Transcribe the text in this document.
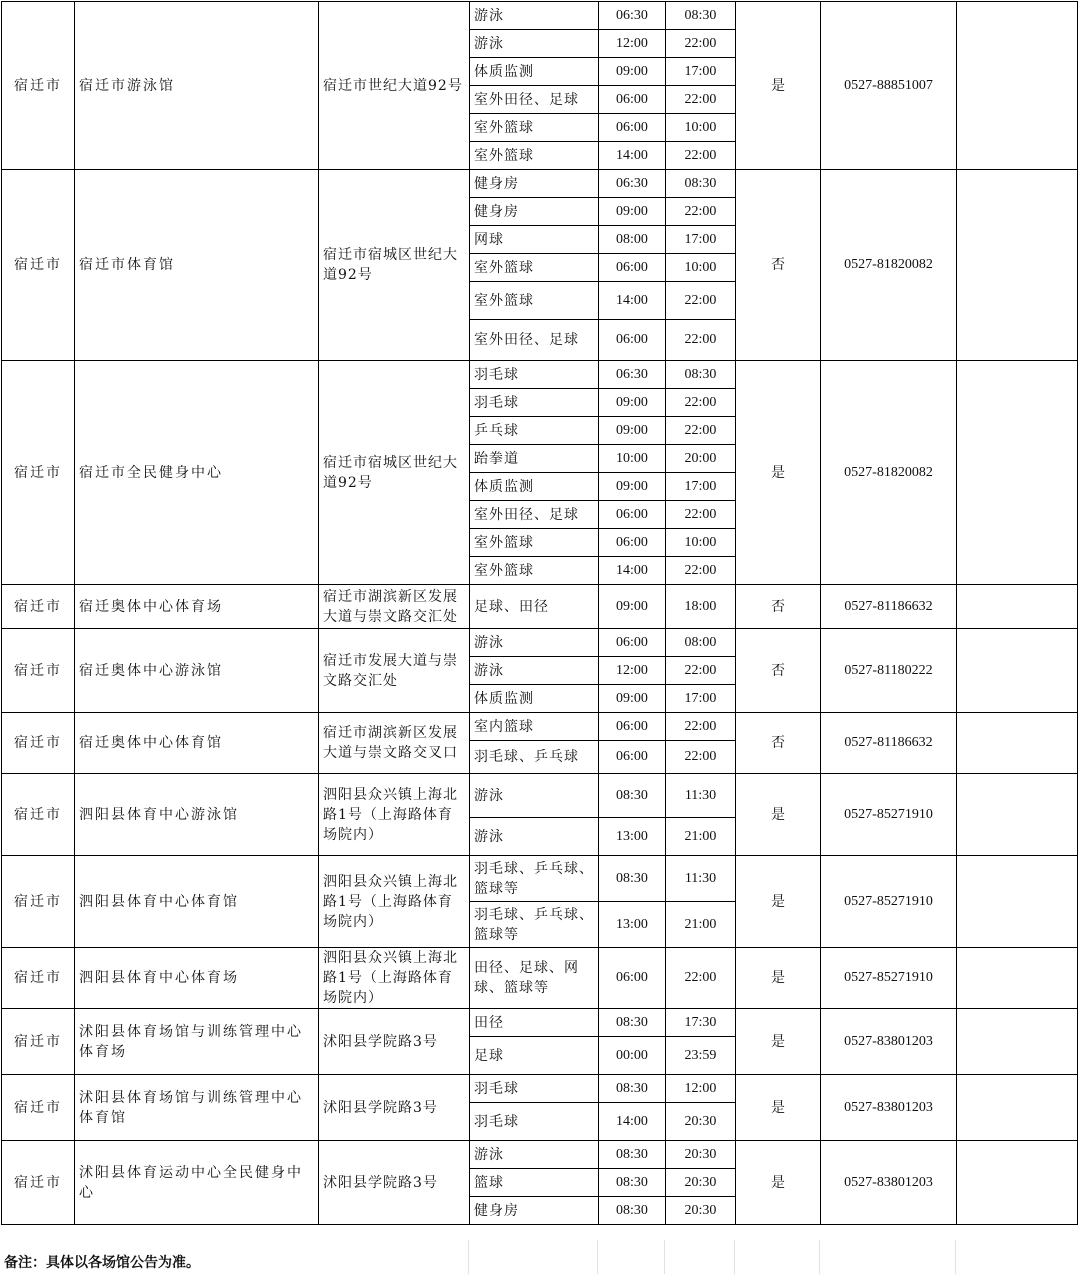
宿迁市	宿迁市游泳馆	宿迁市世纪大道92号	游泳	06:30	08:30	是	0527-88851007	
			游泳	12:00	22:00			
			体质监测	09:00	17:00			
			室外田径、足球	06:00	22:00			
			室外篮球	06:00	10:00			
			室外篮球	14:00	22:00			
宿迁市	宿迁市体育馆	宿迁市宿城区世纪大道92号	健身房	06:30	08:30	否	0527-81820082	
			健身房	09:00	22:00			
			网球	08:00	17:00			
			室外篮球	06:00	10:00			
			室外篮球	14:00	22:00			
			室外田径、足球	06:00	22:00			
宿迁市	宿迁市全民健身中心	宿迁市宿城区世纪大道92号	羽毛球	06:30	08:30	是	0527-81820082	
			羽毛球	09:00	22:00			
			乒乓球	09:00	22:00			
			跆拳道	10:00	20:00			
			体质监测	09:00	17:00			
			室外田径、足球	06:00	22:00			
			室外篮球	06:00	10:00			
			室外篮球	14:00	22:00			
宿迁市	宿迁奥体中心体育场	宿迁市湖滨新区发展大道与崇文路交汇处	足球、田径	09:00	18:00	否	0527-81186632	
宿迁市	宿迁奥体中心游泳馆	宿迁市发展大道与崇文路交汇处	游泳	06:00	08:00	否	0527-81180222	
			游泳	12:00	22:00			
			体质监测	09:00	17:00			
宿迁市	宿迁奥体中心体育馆	宿迁市湖滨新区发展大道与崇文路交叉口	室内篮球	06:00	22:00	否	0527-81186632	
			羽毛球、乒乓球	06:00	22:00			
宿迁市	泗阳县体育中心游泳馆	泗阳县众兴镇上海北路1号（上海路体育场院内）	游泳	08:30	11:30	是	0527-85271910	
			游泳	13:00	21:00			
宿迁市	泗阳县体育中心体育馆	泗阳县众兴镇上海北路1号（上海路体育场院内）	羽毛球、乒乓球、篮球等	08:30	11:30	是	0527-85271910	
			羽毛球、乒乓球、篮球等	13:00	21:00			
宿迁市	泗阳县体育中心体育场	泗阳县众兴镇上海北路1号（上海路体育场院内）	田径、足球、网球、篮球等	06:00	22:00	是	0527-85271910	
宿迁市	沭阳县体育场馆与训练管理中心体育场	沭阳县学院路3号	田径	08:30	17:30	是	0527-83801203	
			足球	00:00	23:59			
宿迁市	沭阳县体育场馆与训练管理中心体育馆	沭阳县学院路3号	羽毛球	08:30	12:00	是	0527-83801203	
			羽毛球	14:00	20:30			
宿迁市	沭阳县体育运动中心全民健身中心	沭阳县学院路3号	游泳	08:30	20:30	是	0527-83801203	
			篮球	08:30	20:30			
			健身房	08:30	20:30			
备注：具体以各场馆公告为准。
